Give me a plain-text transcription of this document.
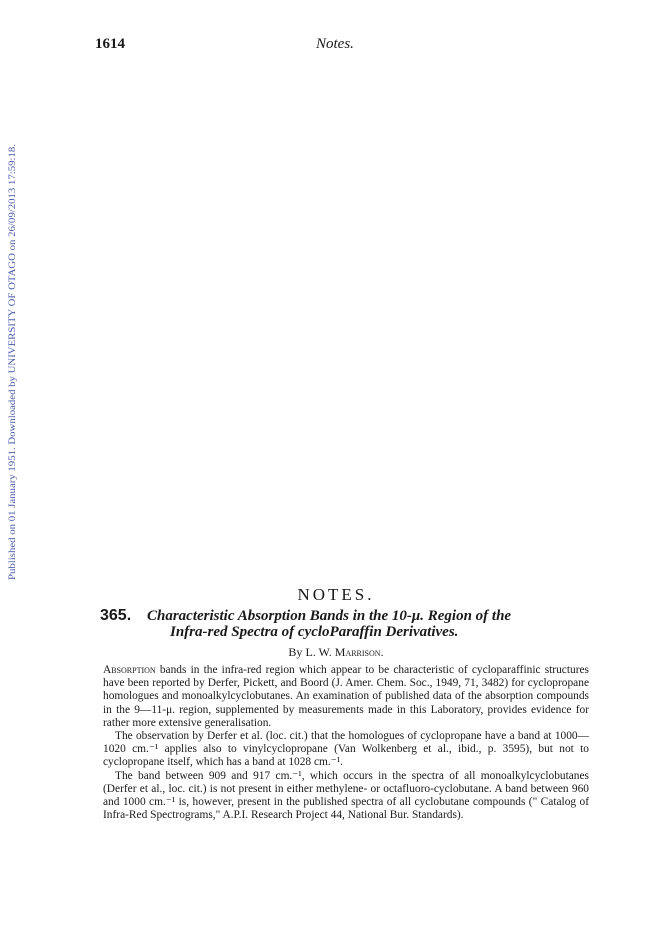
1614	Notes.
Published on 01 January 1951. Downloaded by UNIVERSITY OF OTAGO on 26/09/2013 17:59:18.
NOTES.
365. Characteristic Absorption Bands in the 10-μ. Region of the
Infra-red Spectra of cycloParaffin Derivatives.
By L. W. Marrison.

Absorption bands in the infra-red region which appear to be characteristic of cycloparaffinic structures have been reported by Derfer, Pickett, and Boord (J. Amer. Chem. Soc., 1949, 71, 3482) for cyclopropane homologues and monoalkylcyclobutanes. An examination of published data of the absorption compounds in the 9—11-μ. region, supplemented by measurements made in this Laboratory, provides evidence for rather more extensive generalisation.

The observation by Derfer et al. (loc. cit.) that the homologues of cyclopropane have a band at 1000—1020 cm.⁻¹ applies also to vinylcyclopropane (Van Wolkenberg et al., ibid., p. 3595), but not to cyclopropane itself, which has a band at 1028 cm.⁻¹.

The band between 909 and 917 cm.⁻¹, which occurs in the spectra of all monoalkylcyclobutanes (Derfer et al., loc. cit.) is not present in either methylene- or octafluoro-cyclobutane. A band between 960 and 1000 cm.⁻¹ is, however, present in the published spectra of all cyclobutane compounds (" Catalog of Infra-Red Spectrograms," A.P.I. Research Project 44, National Bur. Standards).
